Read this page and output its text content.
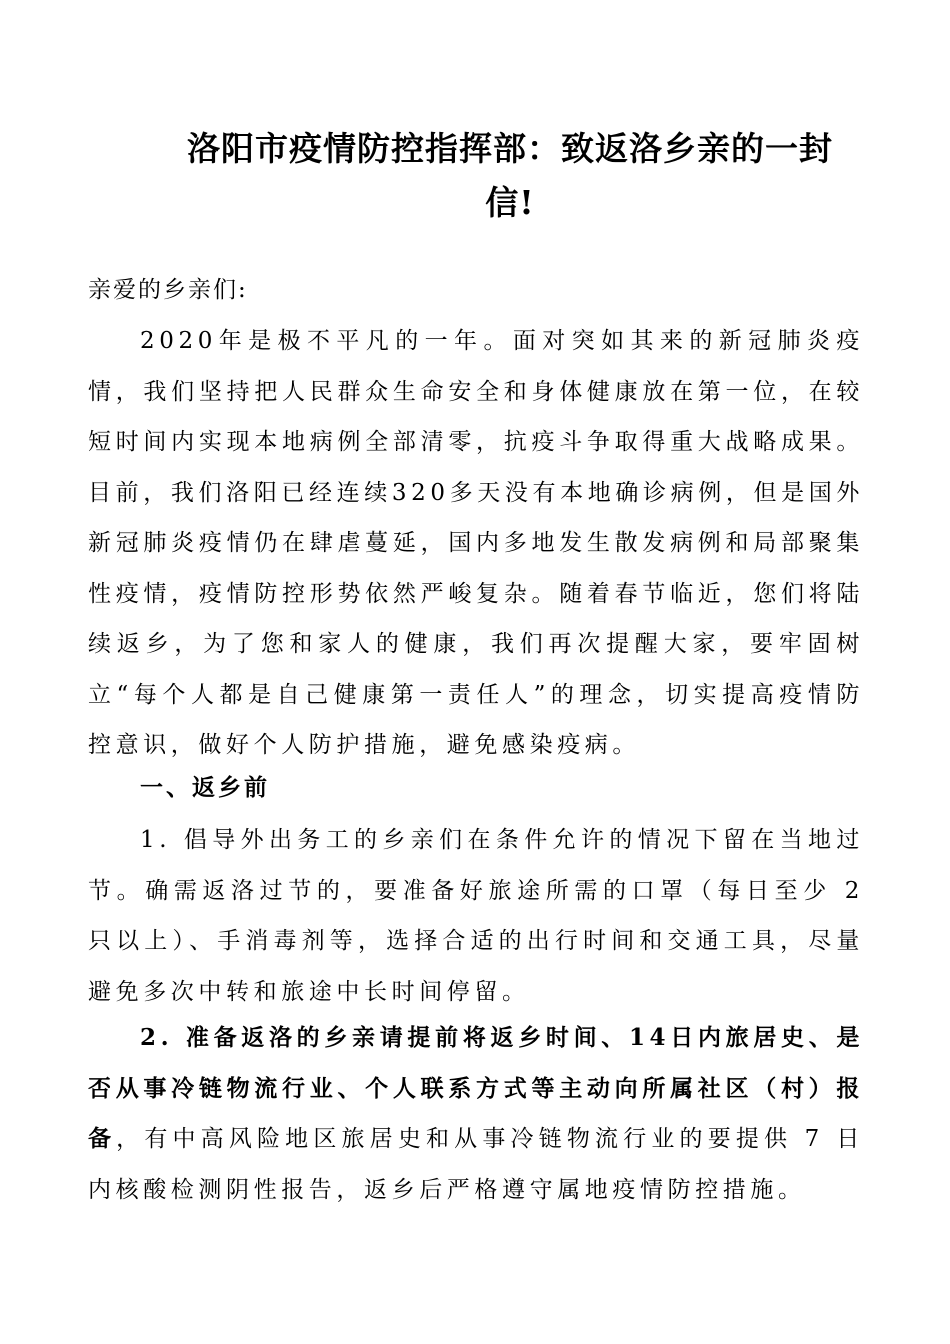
洛阳市疫情防控指挥部：致返洛乡亲的一封
信!
亲爱的乡亲们:
2020年是极不平凡的一年。面对突如其来的新冠肺炎疫情，我们坚持把人民群众生命安全和身体健康放在第一位，在较短时间内实现本地病例全部清零，抗疫斗争取得重大战略成果。目前，我们洛阳已经连续320多天没有本地确诊病例，但是国外新冠肺炎疫情仍在肆虐蔓延，国内多地发生散发病例和局部聚集性疫情，疫情防控形势依然严峻复杂。随着春节临近，您们将陆续返乡，为了您和家人的健康，我们再次提醒大家，要牢固树立“每个人都是自己健康第一责任人”的理念，切实提高疫情防控意识，做好个人防护措施，避免感染疫病。
一、返乡前
1. 倡导外出务工的乡亲们在条件允许的情况下留在当地过节。确需返洛过节的，要准备好旅途所需的口罩（每日至少 2 只以上）、手消毒剂等，选择合适的出行时间和交通工具，尽量避免多次中转和旅途中长时间停留。
2. 准备返洛的乡亲请提前将返乡时间、14日内旅居史、是否从事冷链物流行业、个人联系方式等主动向所属社区（村）报备，有中高风险地区旅居史和从事冷链物流行业的要提供 7 日内核酸检测阴性报告，返乡后严格遵守属地疫情防控措施。
